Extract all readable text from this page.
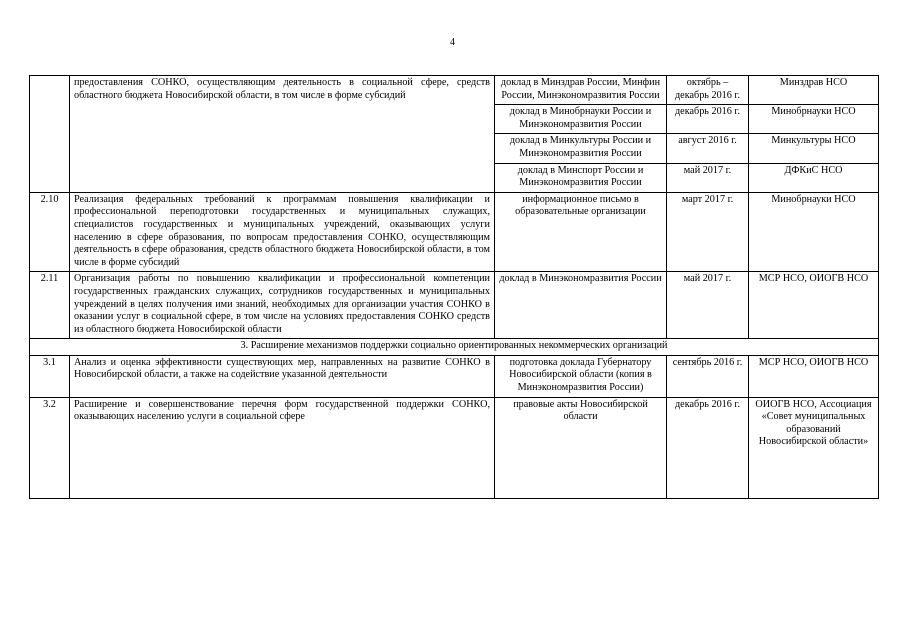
4
	предоставления СОНКО, осуществляющим деятельность в социальной сфере, средств областного бюджета Новосибирской области, в том числе в форме субсидий	доклад в Минздрав России, Минфин России, Минэкономразвития России	октябрь – декабрь 2016 г.	Минздрав НСО
		доклад в Минобрнауки России и Минэкономразвития России	декабрь 2016 г.	Минобрнауки НСО
		доклад в Минкультуры России и Минэкономразвития России	август 2016 г.	Минкультуры НСО
		доклад в Минспорт России и Минэкономразвития России	май 2017 г.	ДФКиС НСО
2.10	Реализация федеральных требований к программам повышения квалификации и профессиональной переподготовки государственных и муниципальных служащих, специалистов государственных и муниципальных учреждений, оказывающих услуги населению в сфере образования, по вопросам предоставления СОНКО, осуществляющим деятельность в сфере образования, средств областного бюджета Новосибирской области, в том числе в форме субсидий	информационное письмо в образовательные организации	март 2017 г.	Минобрнауки НСО
2.11	Организация работы по повышению квалификации и профессиональной компетенции государственных гражданских служащих, сотрудников государственных и муниципальных учреждений в целях получения ими знаний, необходимых для организации участия СОНКО в оказании услуг в социальной сфере, в том числе на условиях предоставления СОНКО средств из областного бюджета Новосибирской области	доклад в Минэкономразвития России	май 2017 г.	МСР НСО, ОИОГВ НСО
3. Расширение механизмов поддержки социально ориентированных некоммерческих организаций				
3.1	Анализ и оценка эффективности существующих мер, направленных на развитие СОНКО в Новосибирской области, а также на содействие указанной деятельности	подготовка доклада Губернатору Новосибирской области (копия в Минэкономразвития России)	сентябрь 2016 г.	МСР НСО, ОИОГВ НСО

3.2	Расширение и совершенствование перечня форм государственной поддержки СОНКО, оказывающих населению услуги в социальной сфере	правовые акты Новосибирской области	декабрь 2016 г.	ОИОГВ НСО, Ассоциация «Совет муниципальных образований Новосибирской области»
